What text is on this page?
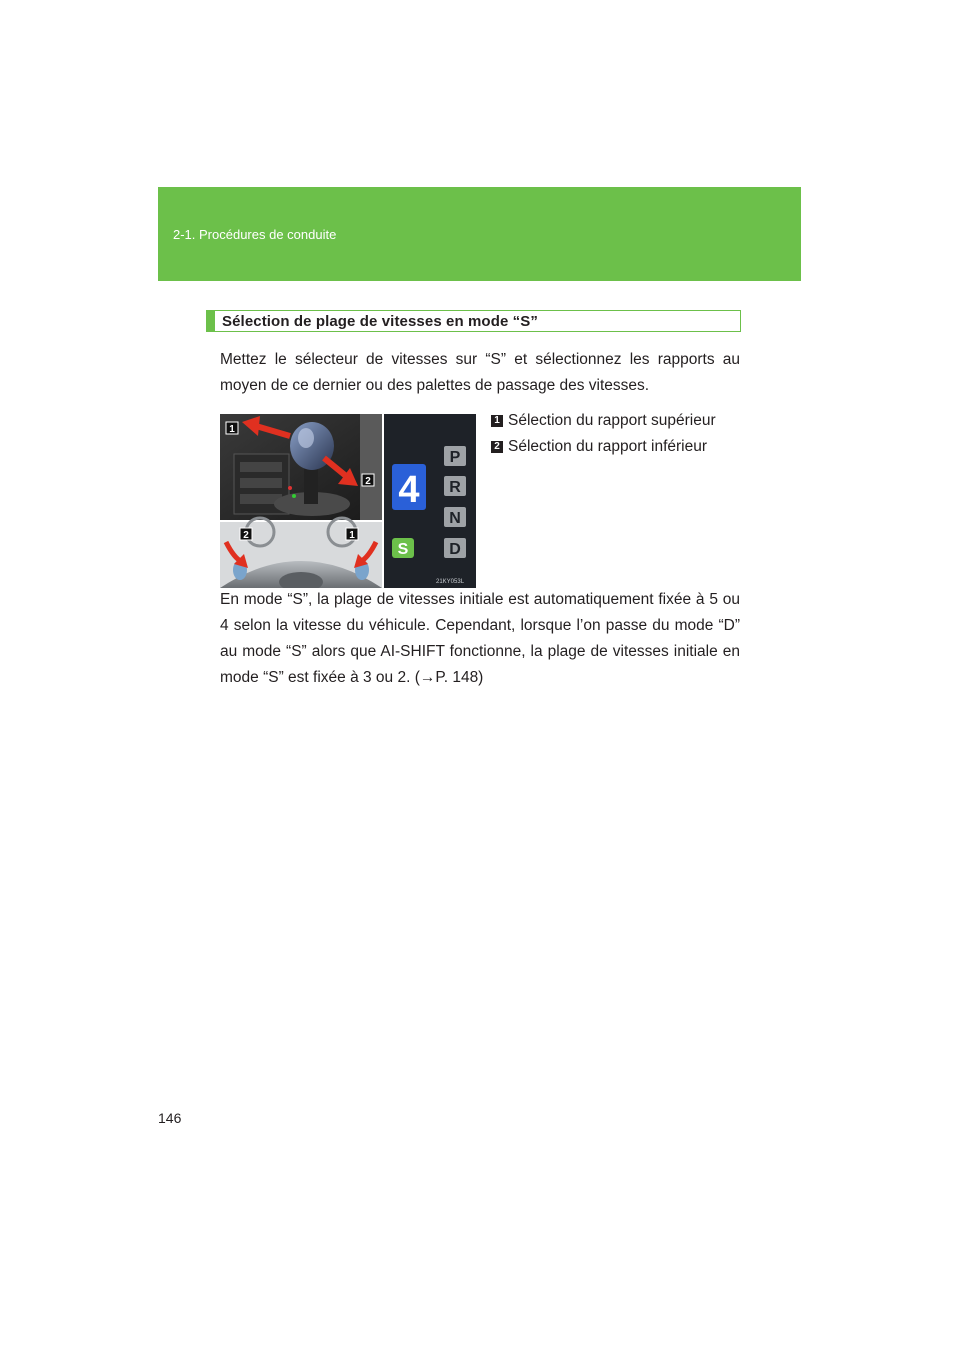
2-1. Procédures de conduite
Sélection de plage de vitesses en mode “S”

Mettez le sélecteur de vitesses sur “S” et sélectionnez les rapports au moyen de ce dernier ou des palettes de passage des vitesses.

1
2
2	1
4
P
R
N
D
S
21KY053L
1 Sélection du rapport supérieur
2 Sélection du rapport inférieur

En mode “S”, la plage de vitesses initiale est automatiquement fixée à 5 ou 4 selon la vitesse du véhicule. Cependant, lorsque l’on passe du mode “D” au mode “S” alors que AI-SHIFT fonctionne, la plage de vitesses initiale en mode “S” est fixée à 3 ou 2. (→P. 148)

146
